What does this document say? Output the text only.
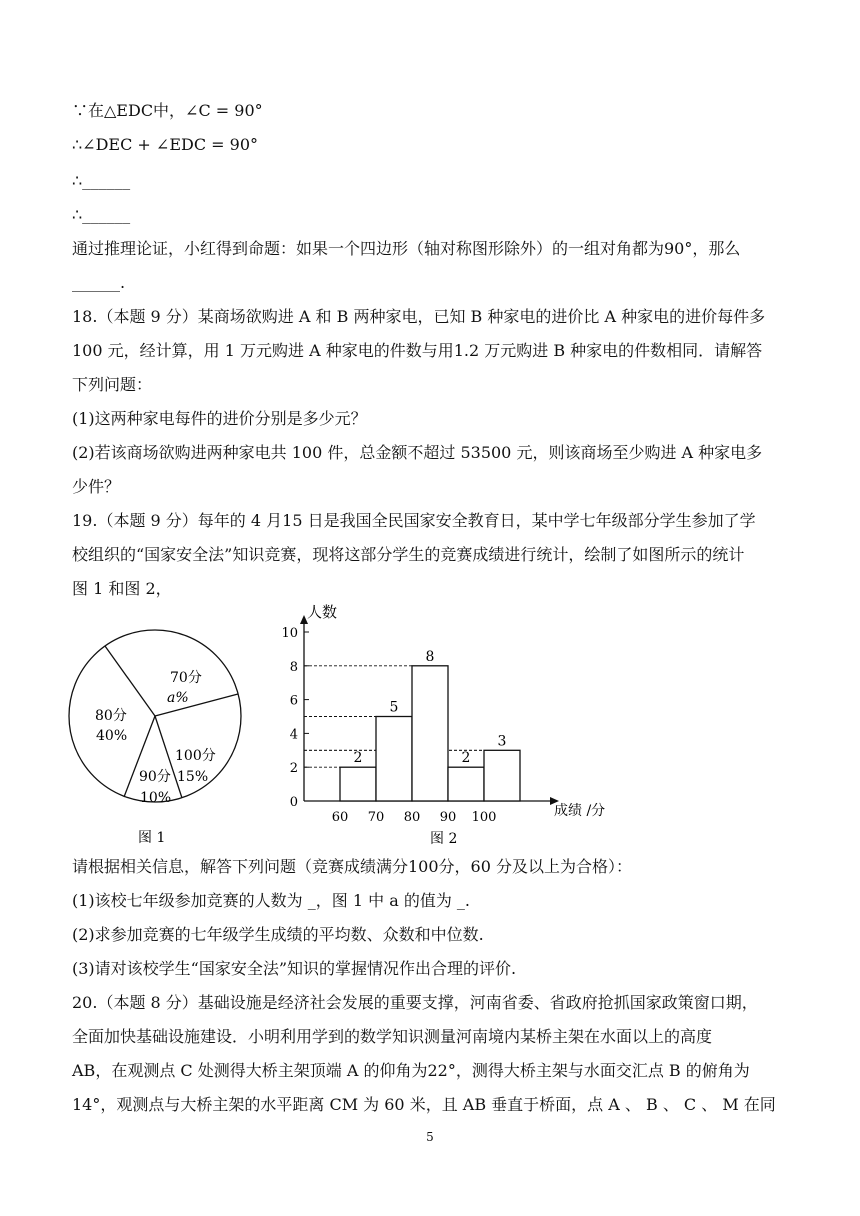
∵在△EDC中，∠C = 90°
∴∠DEC + ∠EDC = 90°
∴______
∴______
通过推理论证，小红得到命题：如果一个四边形（轴对称图形除外）的一组对角都为90°，那么
______.
18.（本题 9 分）某商场欲购进 A 和 B 两种家电，已知 B 种家电的进价比 A 种家电的进价每件多
100 元，经计算，用 1 万元购进 A 种家电的件数与用1.2 万元购进 B 种家电的件数相同．请解答
下列问题：
(1)这两种家电每件的进价分别是多少元？
(2)若该商场欲购进两种家电共 100 件，总金额不超过 53500 元，则该商场至少购进 A 种家电多
少件？
19.（本题 9 分）每年的 4 月15 日是我国全民国家安全教育日，某中学七年级部分学生参加了学
校组织的“国家安全法”知识竞赛，现将这部分学生的竞赛成绩进行统计，绘制了如图所示的统计
图 1 和图 2，
70分
a%
100分
15%
90分
10%
80分
40%
图 1
人数
成绩 /分
图 2
0
2
4
6
8
10
2
60
5
70
8
80
2
90
3
100
请根据相关信息，解答下列问题（竞赛成绩满分100分，60 分及以上为合格）：
(1)该校七年级参加竞赛的人数为 _，图 1 中 a 的值为 _.
(2)求参加竞赛的七年级学生成绩的平均数、众数和中位数.
(3)请对该校学生“国家安全法”知识的掌握情况作出合理的评价.
20.（本题 8 分）基础设施是经济社会发展的重要支撑，河南省委、省政府抢抓国家政策窗口期，
全面加快基础设施建设．小明利用学到的数学知识测量河南境内某桥主架在水面以上的高度
AB，在观测点 C 处测得大桥主架顶端 A 的仰角为22°，测得大桥主架与水面交汇点 B 的俯角为
14°，观测点与大桥主架的水平距离 CM 为 60 米，且 AB 垂直于桥面，点 A 、 B 、 C 、 M 在同
5
